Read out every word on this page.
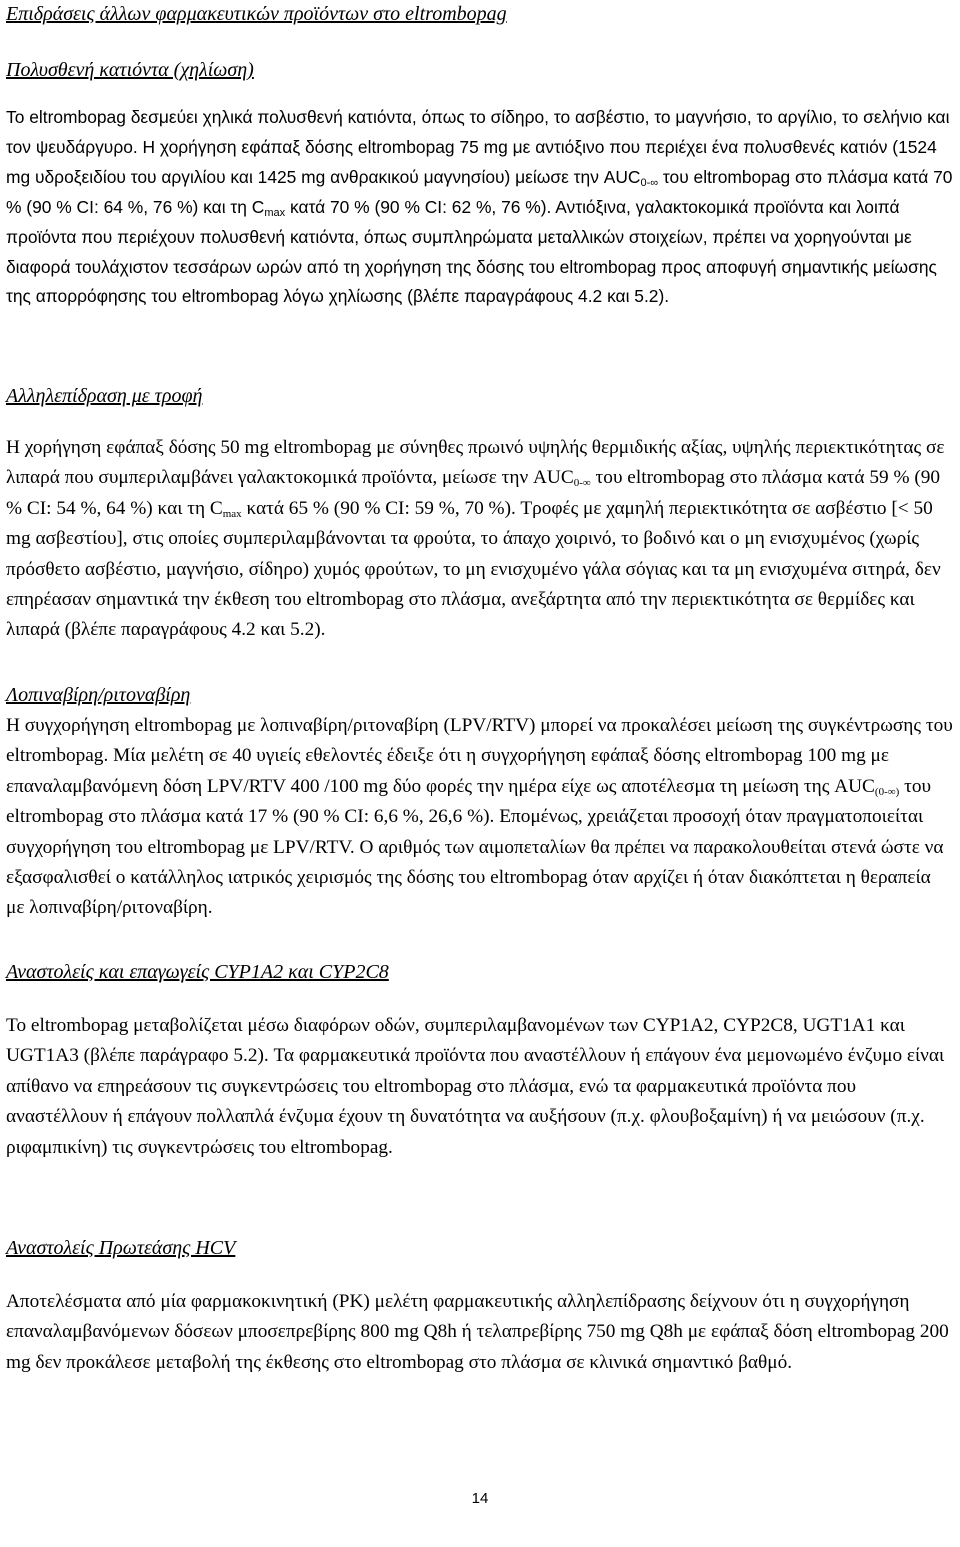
Επιδράσεις άλλων φαρμακευτικών προϊόντων στο eltrombopag
Πολυσθενή κατιόντα (χηλίωση)

Το eltrombopag δεσμεύει χηλικά πολυσθενή κατιόντα, όπως το σίδηρο, το ασβέστιο, το μαγνήσιο, το αργίλιο, το σελήνιο και τον ψευδάργυρο. Η χορήγηση εφάπαξ δόσης eltrombopag 75 mg με αντιόξινο που περιέχει ένα πολυσθενές κατιόν (1524 mg υδροξειδίου του αργιλίου και 1425 mg ανθρακικού μαγνησίου) μείωσε την $AUC_{0-\infty}$ του eltrombopag στο πλάσμα κατά 70 % (90 % CI: 64 %, 76 %) και τη $C_{max}$ κατά 70 % (90 % CI: 62 %, 76 %). Αντιόξινα, γαλακτοκομικά προϊόντα και λοιπά προϊόντα που περιέχουν πολυσθενή κατιόντα, όπως συμπληρώματα μεταλλικών στοιχείων, πρέπει να χορηγούνται με διαφορά τουλάχιστον τεσσάρων ωρών από τη χορήγηση της δόσης του eltrombopag προς αποφυγή σημαντικής μείωσης της απορρόφησης του eltrombopag λόγω χηλίωσης (βλέπε παραγράφους 4.2 και 5.2).

Αλληλεπίδραση με τροφή

Η χορήγηση εφάπαξ δόσης 50 mg eltrombopag με σύνηθες πρωινό υψηλής θερμιδικής αξίας, υψηλής περιεκτικότητας σε λιπαρά που συμπεριλαμβάνει γαλακτοκομικά προϊόντα, μείωσε την $AUC_{0-\infty}$ του eltrombopag στο πλάσμα κατά 59 % (90 % CI: 54 %, 64 %) και τη $C_{max}$ κατά 65 % (90 % CI: 59 %, 70 %). Τροφές με χαμηλή περιεκτικότητα σε ασβέστιο [< 50 mg ασβεστίου], στις οποίες συμπεριλαμβάνονται τα φρούτα, το άπαχο χοιρινό, το βοδινό και ο μη ενισχυμένος (χωρίς πρόσθετο ασβέστιο, μαγνήσιο, σίδηρο) χυμός φρούτων, το μη ενισχυμένο γάλα σόγιας και τα μη ενισχυμένα σιτηρά, δεν επηρέασαν σημαντικά την έκθεση του eltrombopag στο πλάσμα, ανεξάρτητα από την περιεκτικότητα σε θερμίδες και λιπαρά (βλέπε παραγράφους 4.2 και 5.2).

Λοπιναβίρη/ριτοναβίρη

Η συγχορήγηση eltrombopag με λοπιναβίρη/ριτοναβίρη (LPV/RTV) μπορεί να προκαλέσει μείωση της συγκέντρωσης του eltrombopag. Μία μελέτη σε 40 υγιείς εθελοντές έδειξε ότι η συγχορήγηση εφάπαξ δόσης eltrombopag 100 mg με επαναλαμβανόμενη δόση LPV/RTV 400 /100 mg δύο φορές την ημέρα είχε ως αποτέλεσμα τη μείωση της $AUC_{(0-\infty)}$ του eltrombopag στο πλάσμα κατά 17 % (90 % CI: 6,6 %, 26,6 %). Επομένως, χρειάζεται προσοχή όταν πραγματοποιείται συγχορήγηση του eltrombopag με LPV/RTV. Ο αριθμός των αιμοπεταλίων θα πρέπει να παρακολουθείται στενά ώστε να εξασφαλισθεί ο κατάλληλος ιατρικός χειρισμός της δόσης του eltrombopag όταν αρχίζει ή όταν διακόπτεται η θεραπεία με λοπιναβίρη/ριτοναβίρη.

Αναστολείς και επαγωγείς CYP1A2 και CYP2C8

Το eltrombopag μεταβολίζεται μέσω διαφόρων οδών, συμπεριλαμβανομένων των CYP1A2, CYP2C8, UGT1A1 και UGT1A3 (βλέπε παράγραφο 5.2). Τα φαρμακευτικά προϊόντα που αναστέλλουν ή επάγουν ένα μεμονωμένο ένζυμο είναι απίθανο να επηρεάσουν τις συγκεντρώσεις του eltrombopag στο πλάσμα, ενώ τα φαρμακευτικά προϊόντα που αναστέλλουν ή επάγουν πολλαπλά ένζυμα έχουν τη δυνατότητα να αυξήσουν (π.χ. φλουβοξαμίνη) ή να μειώσουν (π.χ. ριφαμπικίνη) τις συγκεντρώσεις του eltrombopag.

Αναστολείς Πρωτεάσης HCV

Αποτελέσματα από μία φαρμακοκινητική (PK) μελέτη φαρμακευτικής αλληλεπίδρασης δείχνουν ότι η συγχορήγηση επαναλαμβανόμενων δόσεων μποσεπρεβίρης 800 mg Q8h ή τελαπρεβίρης 750 mg Q8h με εφάπαξ δόση eltrombopag 200 mg δεν προκάλεσε μεταβολή της έκθεσης στο eltrombopag στο πλάσμα σε κλινικά σημαντικό βαθμό.

14
